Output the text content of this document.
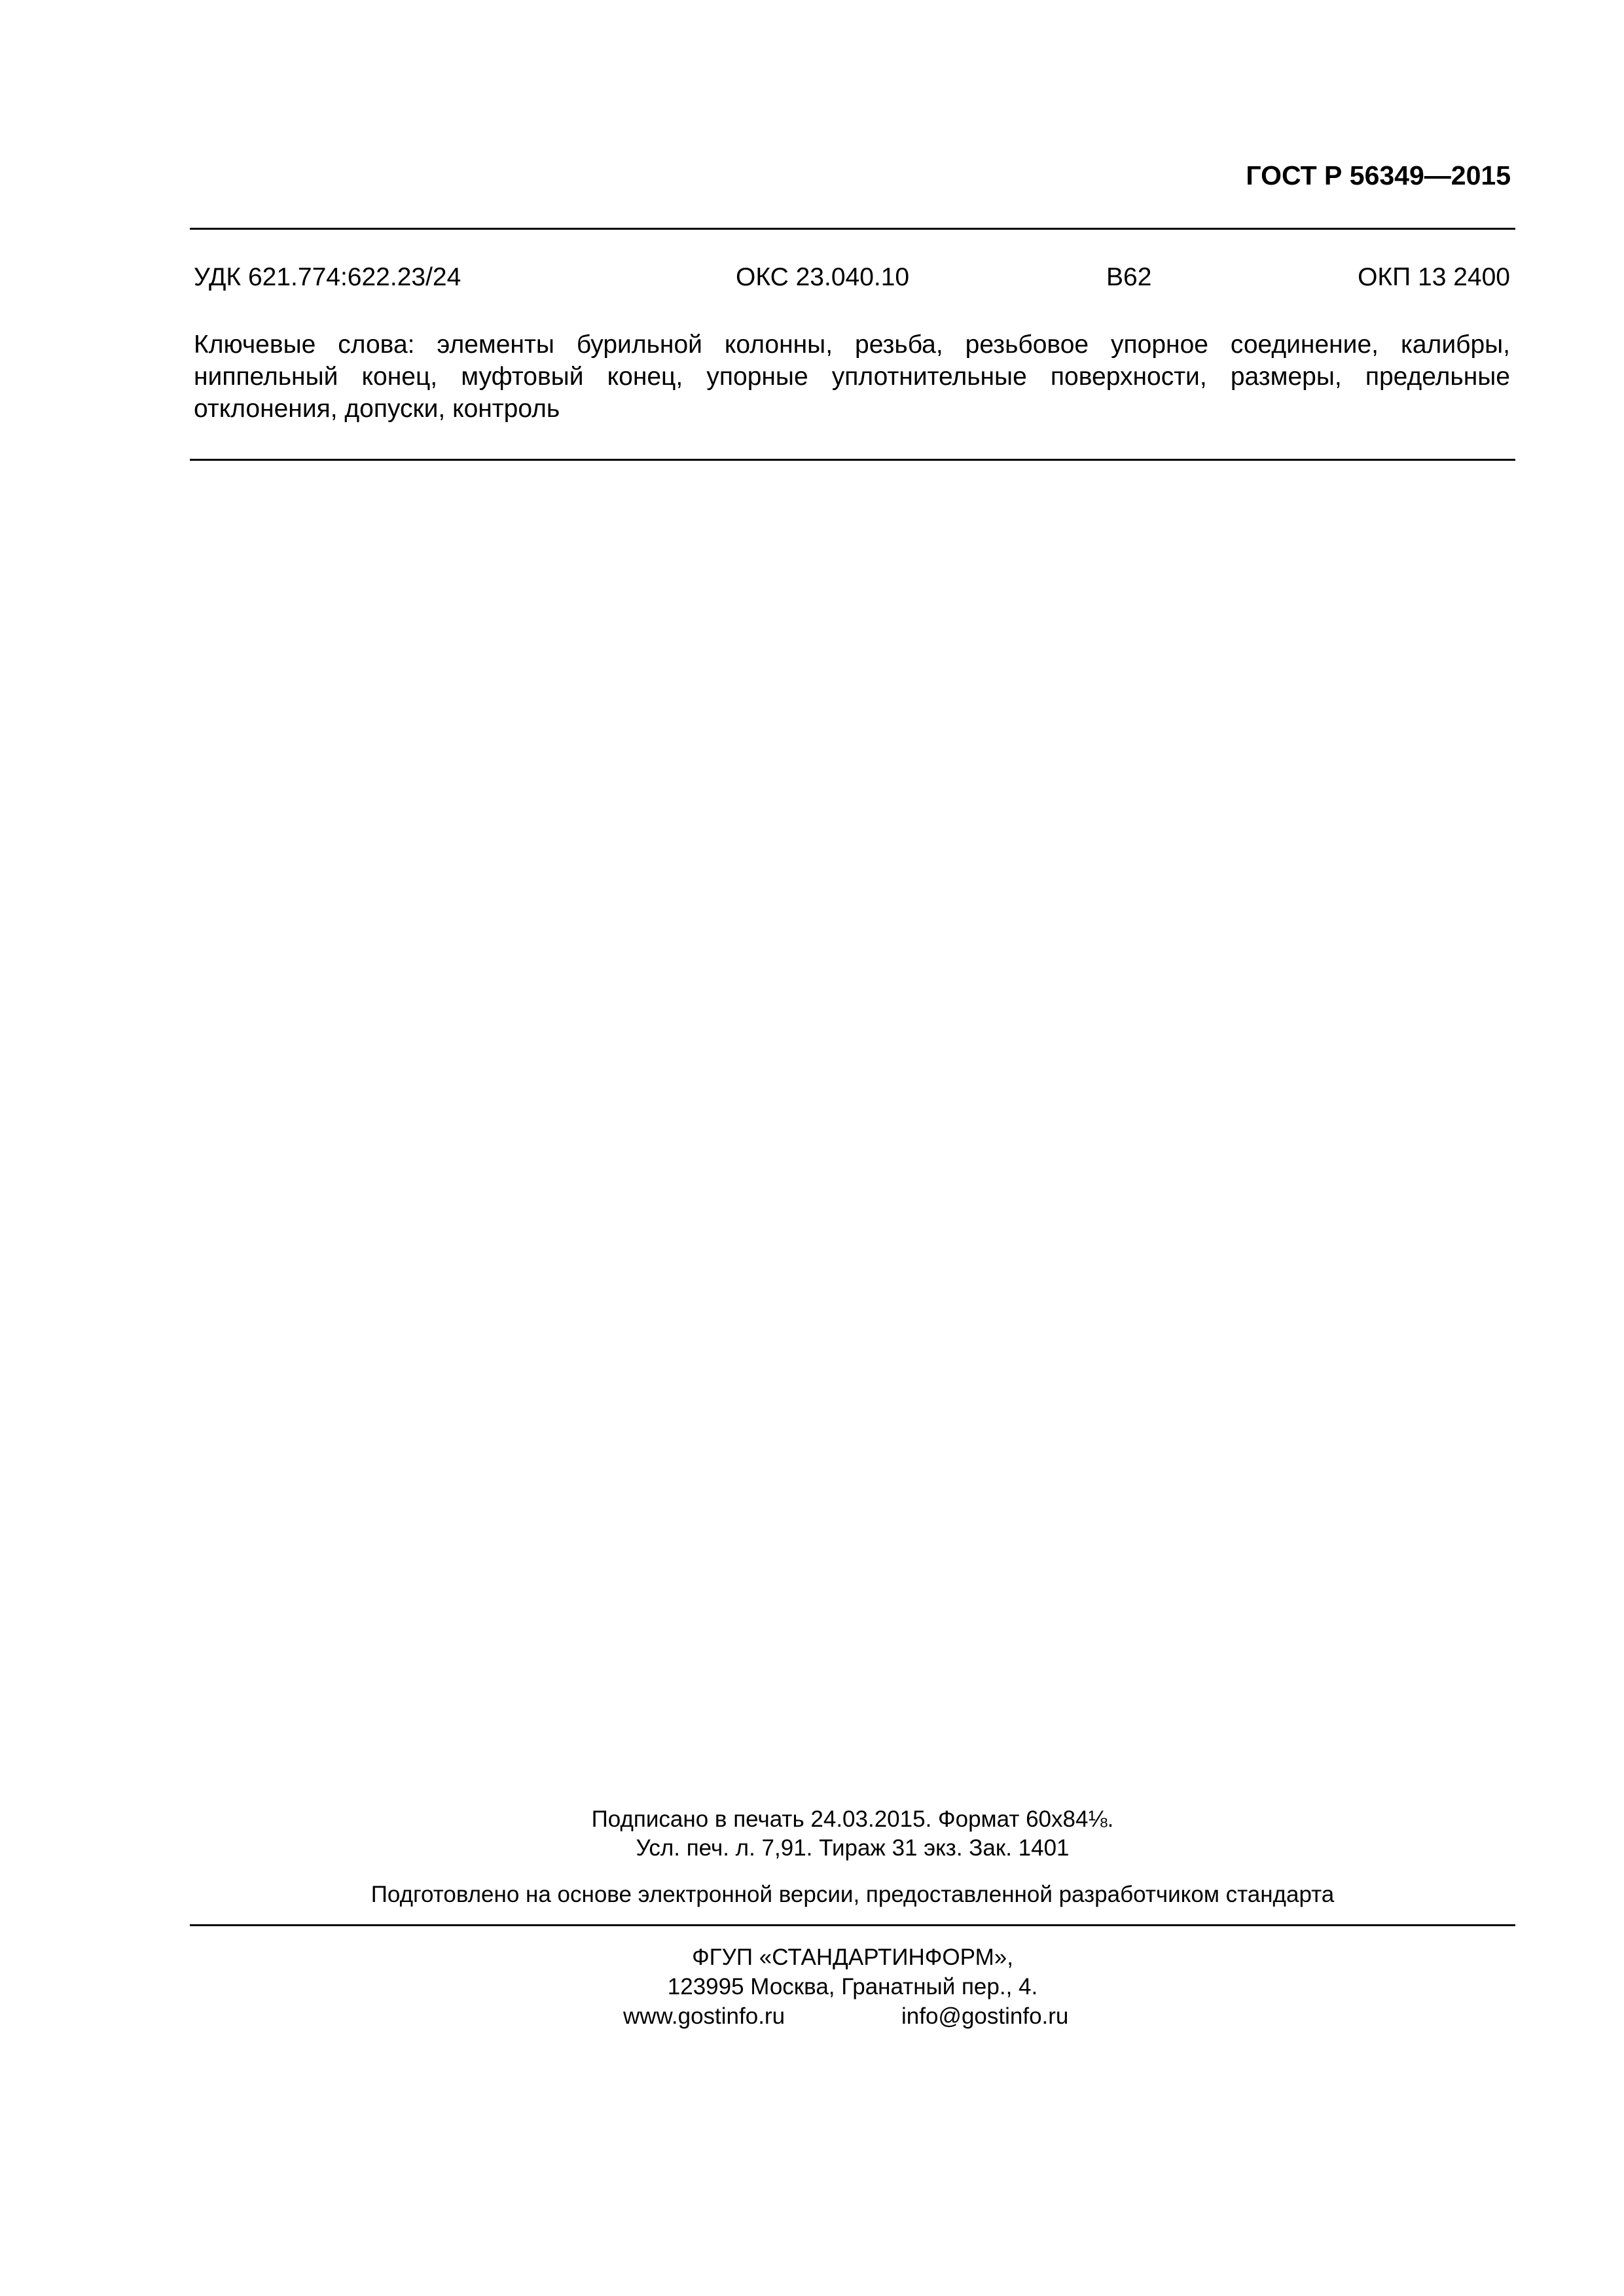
ГОСТ Р 56349—2015
УДК 621.774:622.23/24	ОКС 23.040.10	В62	ОКП 13 2400
Ключевые слова: элементы бурильной колонны, резьба, резьбовое упорное соединение, калибры, ниппельный конец, муфтовый конец, упорные уплотнительные поверхности, размеры, предельные отклонения, допуски, контроль
Подписано в печать 24.03.2015. Формат 60x84⅛.
Усл. печ. л. 7,91. Тираж 31 экз. Зак. 1401
Подготовлено на основе электронной версии, предоставленной разработчиком стандарта
ФГУП «СТАНДАРТИНФОРМ»,
123995 Москва, Гранатный пер., 4.
www.gostinfo.ru	info@gostinfo.ru
